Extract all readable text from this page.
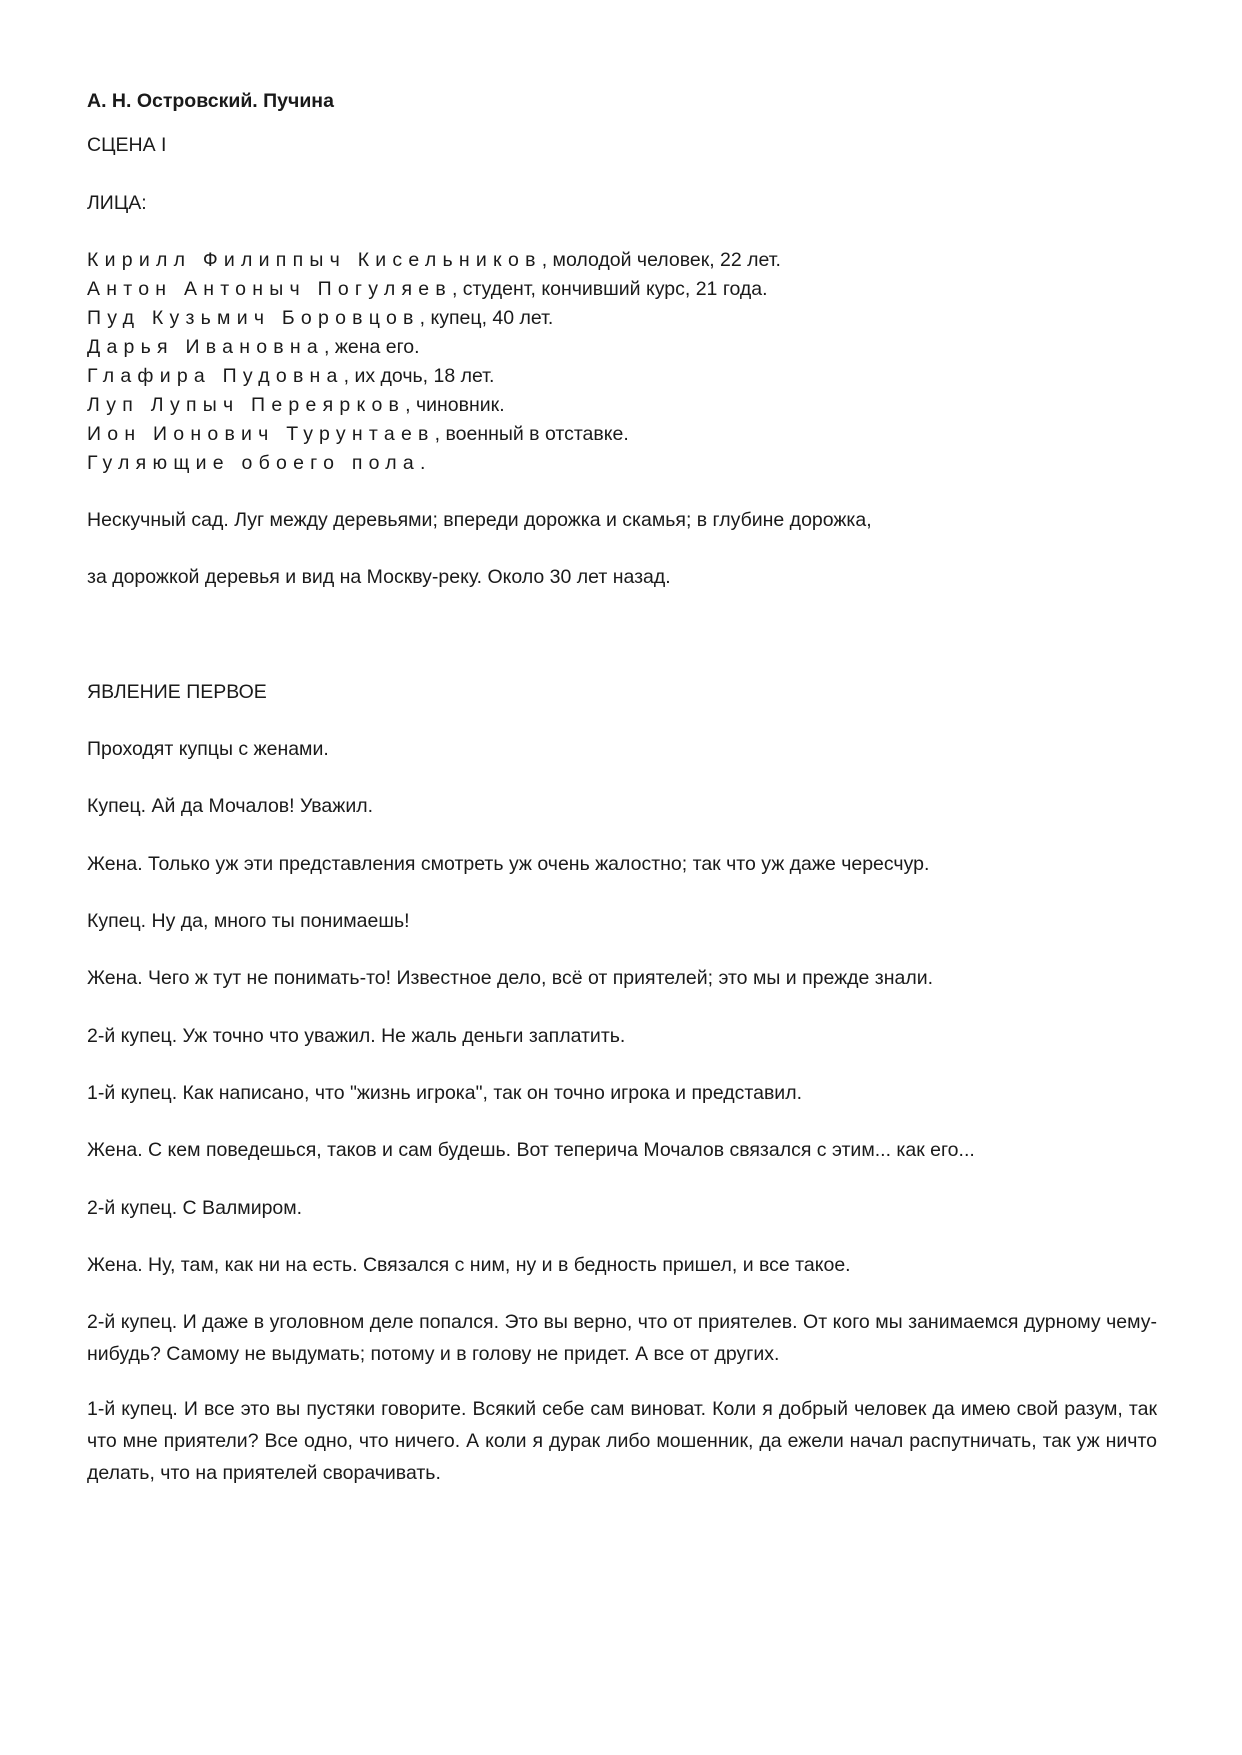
А. Н. Островский. Пучина
СЦЕНА I
ЛИЦА:
Кирилл Филиппыч Кисельников, молодой человек, 22 лет.
Антон Антоныч Погуляев, студент, кончивший курс, 21 года.
Пуд Кузьмич Боровцов, купец, 40 лет.
Дарья Ивановна, жена его.
Глафира Пудовна, их дочь, 18 лет.
Луп Лупыч Переярков, чиновник.
Ион Ионович Турунтаев, военный в отставке.
Гуляющие обоего пола.
Нескучный сад. Луг между деревьями; впереди дорожка и скамья; в глубине дорожка,
за дорожкой деревья и вид на Москву-реку. Около 30 лет назад.
ЯВЛЕНИЕ ПЕРВОЕ
Проходят купцы с женами.
Купец. Ай да Мочалов! Уважил.
Жена. Только уж эти представления смотреть уж очень жалостно; так что уж даже чересчур.
Купец. Ну да, много ты понимаешь!
Жена. Чего ж тут не понимать-то! Известное дело, всё от приятелей; это мы и прежде знали.
2-й купец. Уж точно что уважил. Не жаль деньги заплатить.
1-й купец. Как написано, что "жизнь игрока", так он точно игрока и представил.
Жена. С кем поведешься, таков и сам будешь. Вот теперича Мочалов связался с этим... как его...
2-й купец. С Валмиром.
Жена. Ну, там, как ни на есть. Связался с ним, ну и в бедность пришел, и все такое.
2-й купец. И даже в уголовном деле попался. Это вы верно, что от приятелев. От кого мы занимаемся дурному чему-нибудь? Самому не выдумать; потому и в голову не придет. А все от других.
1-й купец. И все это вы пустяки говорите. Всякий себе сам виноват. Коли я добрый человек да имею свой разум, так что мне приятели? Все одно, что ничего. А коли я дурак либо мошенник, да ежели начал распутничать, так уж ничто делать, что на приятелей сворачивать.
